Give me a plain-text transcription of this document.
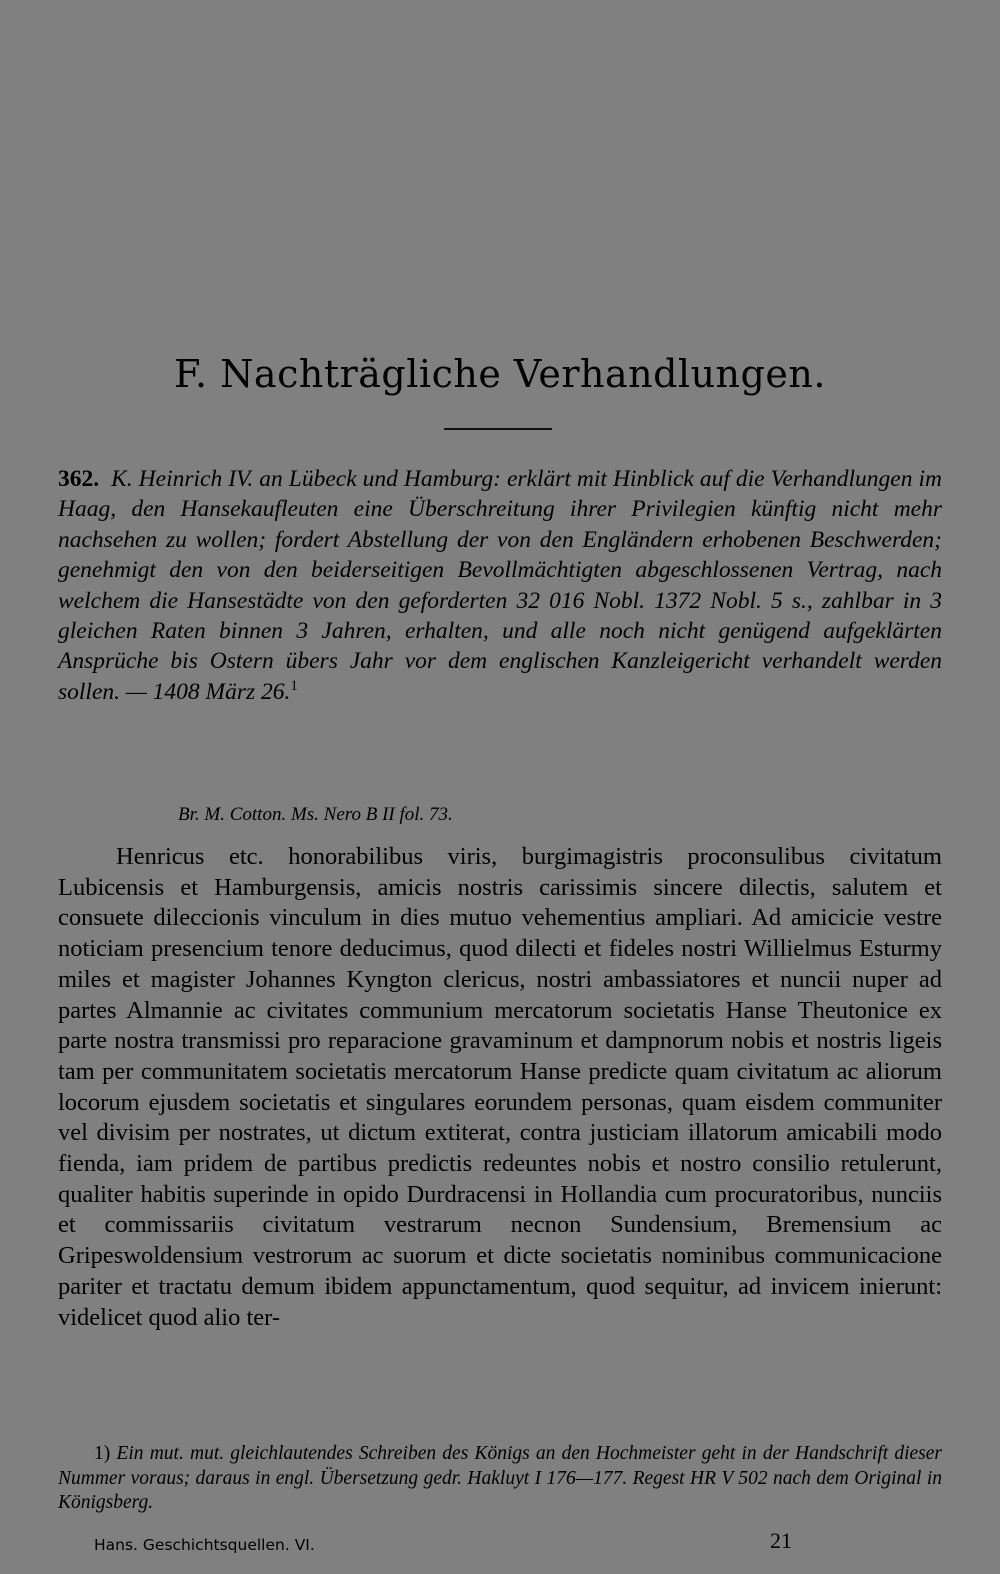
F. Nachträgliche Verhandlungen.

362. K. Heinrich IV. an Lübeck und Hamburg: erklärt mit Hinblick auf die Verhandlungen im Haag, den Hansekaufleuten eine Überschreitung ihrer Privilegien künftig nicht mehr nachsehen zu wollen; fordert Abstellung der von den Engländern erhobenen Beschwerden; genehmigt den von den beiderseitigen Bevollmächtigten abgeschlossenen Vertrag, nach welchem die Hansestädte von den geforderten 32 016 Nobl. 1372 Nobl. 5 s., zahlbar in 3 gleichen Raten binnen 3 Jahren, erhalten, und alle noch nicht genügend aufgeklärten Ansprüche bis Ostern übers Jahr vor dem englischen Kanzleigericht verhandelt werden sollen. — 1408 März 26.$^1$

Br. M. Cotton. Ms. Nero B II fol. 73.

Henricus etc. honorabilibus viris, burgimagistris proconsulibus civitatum Lubicensis et Hamburgensis, amicis nostris carissimis sincere dilectis, salutem et consuete dileccionis vinculum in dies mutuo vehementius ampliari. Ad amicicie vestre noticiam presencium tenore deducimus, quod dilecti et fideles nostri Willielmus Esturmy miles et magister Johannes Kyngton clericus, nostri ambassiatores et nuncii nuper ad partes Almannie ac civitates communium mercatorum societatis Hanse Theutonice ex parte nostra transmissi pro reparacione gravaminum et dampnorum nobis et nostris ligeis tam per communitatem societatis mercatorum Hanse predicte quam civitatum ac aliorum locorum ejusdem societatis et singulares eorundem personas, quam eisdem communiter vel divisim per nostrates, ut dictum extiterat, contra justiciam illatorum amicabili modo fienda, iam pridem de partibus predictis redeuntes nobis et nostro consilio retulerunt, qualiter habitis superinde in opido Durdracensi in Hollandia cum procuratoribus, nunciis et commissariis civitatum vestrarum necnon Sundensium, Bremensium ac Gripeswoldensium vestrorum ac suorum et dicte societatis nominibus communicacione pariter et tractatu demum ibidem appunctamentum, quod sequitur, ad invicem inierunt: videlicet quod alio ter-

1) Ein mut. mut. gleichlautendes Schreiben des Königs an den Hochmeister geht in der Handschrift dieser Nummer voraus; daraus in engl. Übersetzung gedr. Hakluyt I 176—177. Regest HR V 502 nach dem Original in Königsberg.

Hans. Geschichtsquellen. VI.	21
